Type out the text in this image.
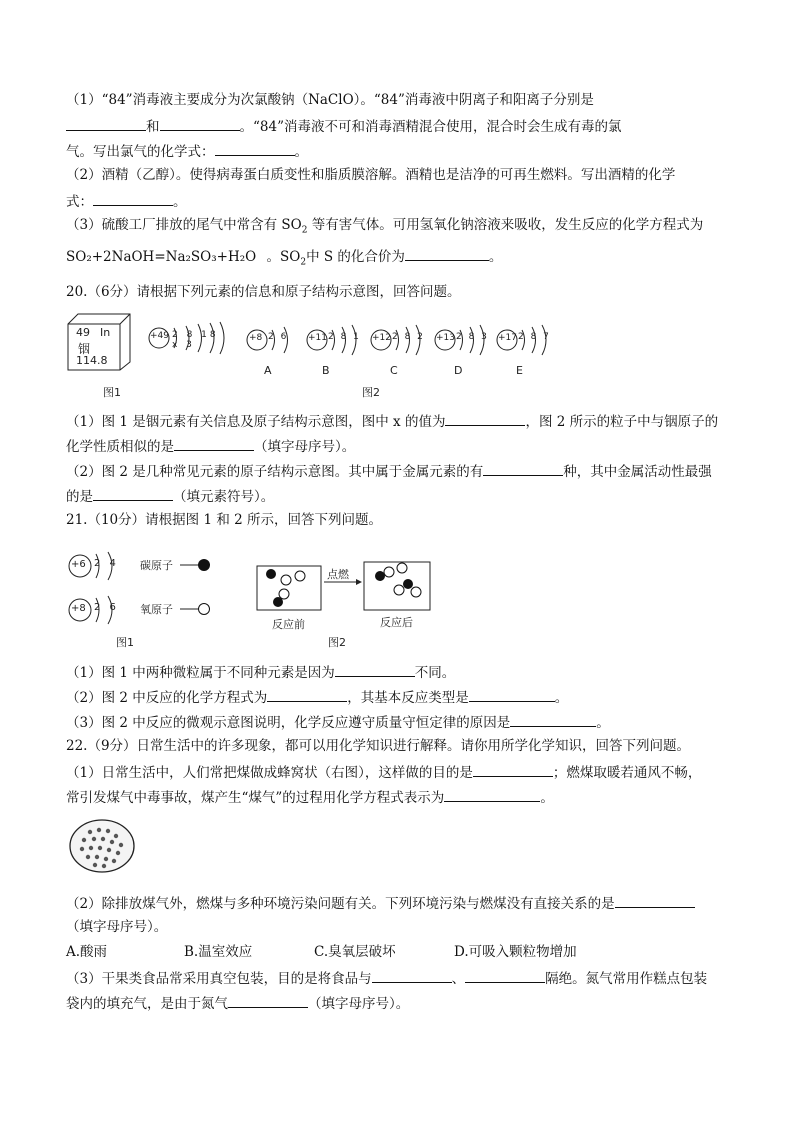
（1）“84”消毒液主要成分为次氯酸钠（NaClO）。“84”消毒液中阴离子和阳离子分别是
和	。“84”消毒液不可和消毒酒精混合使用，混合时会生成有毒的氯
气。写出氯气的化学式：	。
（2）酒精（乙醇）。使得病毒蛋白质变性和脂质膜溶解。酒精也是洁净的可再生燃料。写出酒精的化学
式：	。
（3）硫酸工厂排放的尾气中常含有 $SO_2$ 等有害气体。可用氢氧化钠溶液来吸收，发生反应的化学方程式为
SO₂+2NaOH=Na₂SO₃+H₂O 。$SO_2$中 S 的化合价为	。
20.（6分）请根据下列元素的信息和原子结构示意图，回答问题。
49 In
铟
114.8
+49 2 8 18 x 3
图1
+8 2 6
A
+11 2 8 1
B
+12 2 8 2
C
+13 2 8 3
D
+17 2 8 7
E
图2
（1）图 1 是铟元素有关信息及原子结构示意图，图中 x 的值为	，图 2 所示的粒子中与铟原子的
化学性质相似的是	（填字母序号）。
（2）图 2 是几种常见元素的原子结构示意图。其中属于金属元素的有	种，其中金属活动性最强
的是	（填元素符号）。
21.（10分）请根据图 1 和 2 所示，回答下列问题。
+6 2 4 碳原子
+8 2 6 氧原子
图1
点燃
反应前	反应后
图2
（1）图 1 中两种微粒属于不同种元素是因为	不同。
（2）图 2 中反应的化学方程式为	，其基本反应类型是	。
（3）图 2 中反应的微观示意图说明，化学反应遵守质量守恒定律的原因是	。
22.（9分）日常生活中的许多现象，都可以用化学知识进行解释。请你用所学化学知识，回答下列问题。
（1）日常生活中，人们常把煤做成蜂窝状（右图），这样做的目的是	；燃煤取暖若通风不畅，
常引发煤气中毒事故，煤产生“煤气”的过程用化学方程式表示为	。
（2）除排放煤气外，燃煤与多种环境污染问题有关。下列环境污染与燃煤没有直接关系的是
（填字母序号）。
A.酸雨	B.温室效应	C.臭氧层破坏	D.可吸入颗粒物增加
（3）干果类食品常采用真空包装，目的是将食品与	、	隔绝。氮气常用作糕点包装
袋内的填充气，是由于氮气	（填字母序号）。
